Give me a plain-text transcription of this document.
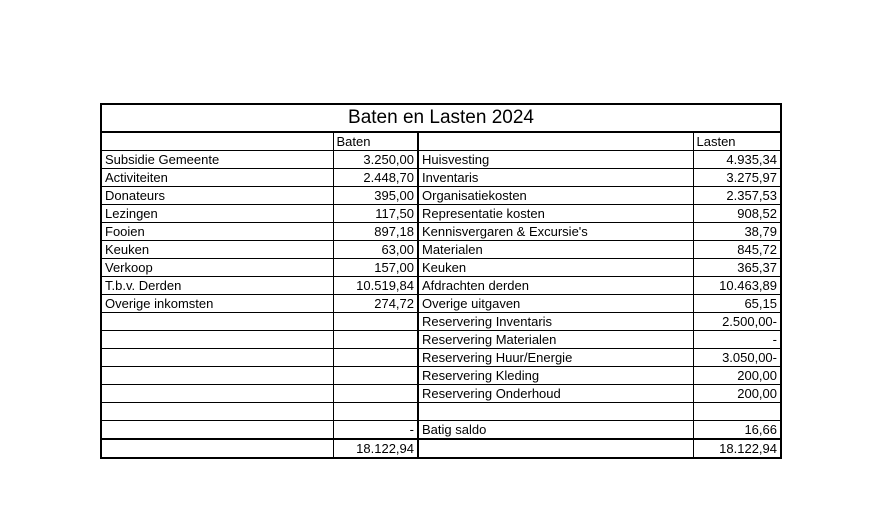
Baten en Lasten 2024			
	Baten		Lasten
Subsidie Gemeente	3.250,00	Huisvesting	4.935,34
Activiteiten	2.448,70	Inventaris	3.275,97
Donateurs	395,00	Organisatiekosten	2.357,53
Lezingen	117,50	Representatie kosten	908,52
Fooien	897,18	Kennisvergaren & Excursie's	38,79
Keuken	63,00	Materialen	845,72
Verkoop	157,00	Keuken	365,37
T.b.v. Derden	10.519,84	Afdrachten derden	10.463,89
Overige inkomsten	274,72	Overige uitgaven	65,15
		Reservering Inventaris	2.500,00-
		Reservering Materialen	-
		Reservering Huur/Energie	3.050,00-
		Reservering Kleding	200,00
		Reservering Onderhoud	200,00

	-	Batig saldo	16,66
	18.122,94		18.122,94
